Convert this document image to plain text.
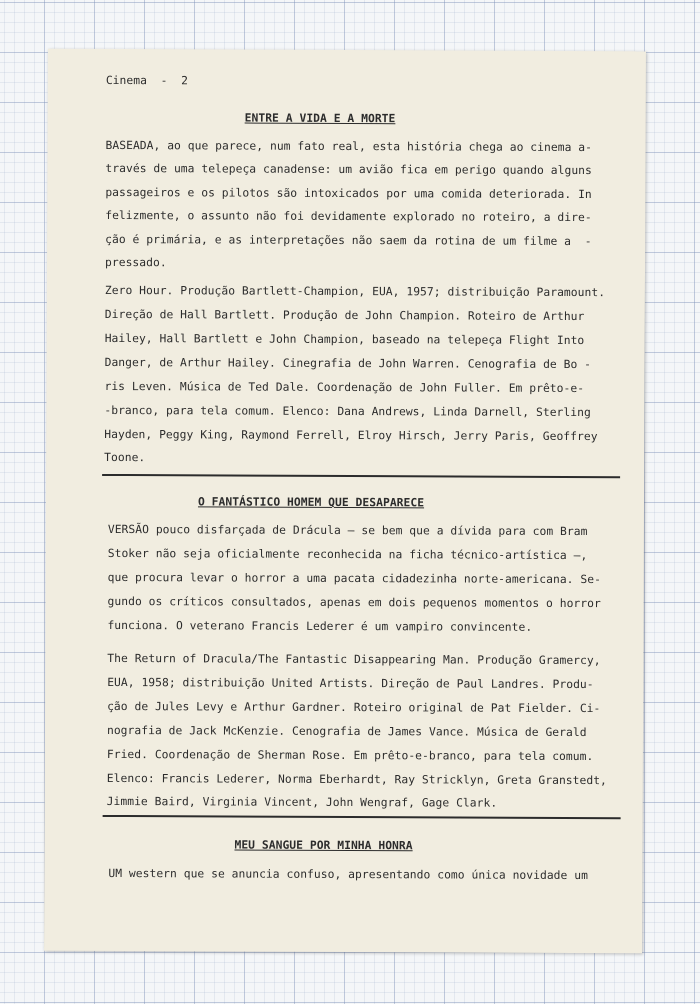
Cinema  -  2
ENTRE A VIDA E A MORTE
BASEADA, ao que parece, num fato real, esta história chega ao cinema a-
través de uma telepeça canadense: um avião fica em perigo quando alguns
passageiros e os pilotos são intoxicados por uma comida deteriorada. In
felizmente, o assunto não foi devidamente explorado no roteiro, a dire-
ção é primária, e as interpretações não saem da rotina de um filme a  -
pressado.
Zero Hour. Produção Bartlett-Champion, EUA, 1957; distribuição Paramount.
Direção de Hall Bartlett. Produção de John Champion. Roteiro de Arthur
Hailey, Hall Bartlett e John Champion, baseado na telepeça Flight Into
Danger, de Arthur Hailey. Cinegrafia de John Warren. Cenografia de Bo -
ris Leven. Música de Ted Dale. Coordenação de John Fuller. Em prêto-e-
-branco, para tela comum. Elenco: Dana Andrews, Linda Darnell, Sterling
Hayden, Peggy King, Raymond Ferrell, Elroy Hirsch, Jerry Paris, Geoffrey
Toone.
O FANTÁSTICO HOMEM QUE DESAPARECE
VERSÃO pouco disfarçada de Drácula — se bem que a dívida para com Bram
Stoker não seja oficialmente reconhecida na ficha técnico-artística —,
que procura levar o horror a uma pacata cidadezinha norte-americana. Se-
gundo os críticos consultados, apenas em dois pequenos momentos o horror
funciona. O veterano Francis Lederer é um vampiro convincente.
The Return of Dracula/The Fantastic Disappearing Man. Produção Gramercy,
EUA, 1958; distribuição United Artists. Direção de Paul Landres. Produ-
ção de Jules Levy e Arthur Gardner. Roteiro original de Pat Fielder. Ci-
nografia de Jack McKenzie. Cenografia de James Vance. Música de Gerald
Fried. Coordenação de Sherman Rose. Em prêto-e-branco, para tela comum.
Elenco: Francis Lederer, Norma Eberhardt, Ray Stricklyn, Greta Granstedt,
Jimmie Baird, Virginia Vincent, John Wengraf, Gage Clark.
MEU SANGUE POR MINHA HONRA
UM western que se anuncia confuso, apresentando como única novidade um
